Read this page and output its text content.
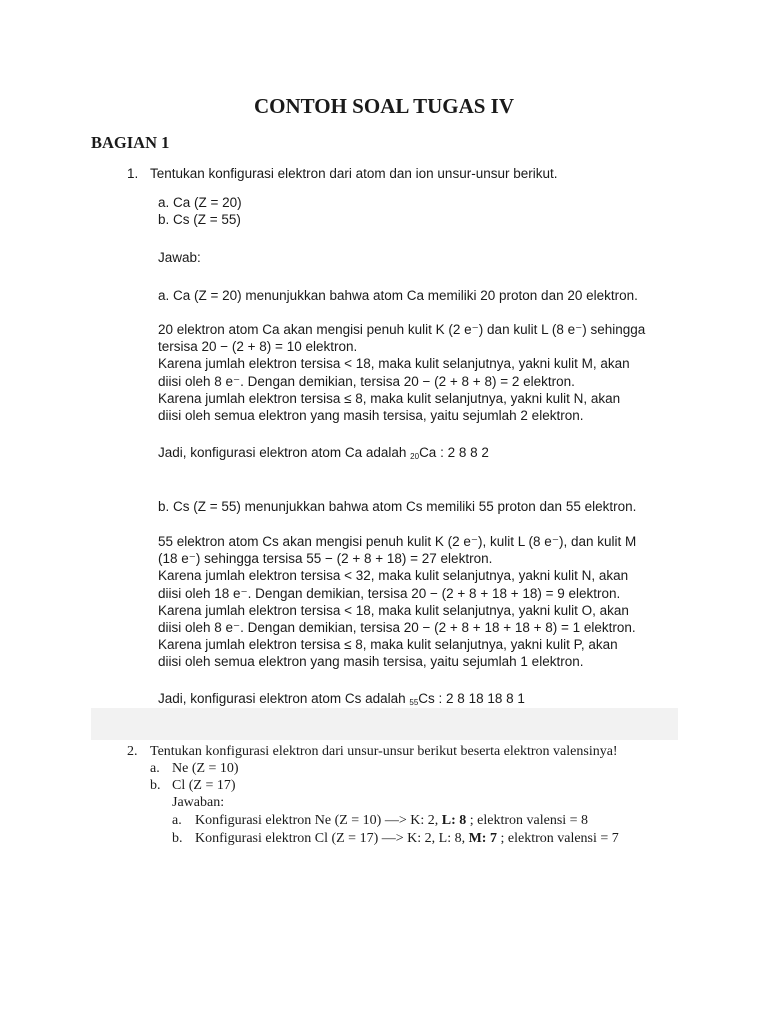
CONTOH SOAL TUGAS IV
BAGIAN 1
1. Tentukan konfigurasi elektron dari atom dan ion unsur-unsur berikut.
a. Ca (Z = 20)
b. Cs (Z = 55)
Jawab:
a. Ca (Z = 20) menunjukkan bahwa atom Ca memiliki 20 proton dan 20 elektron.
20 elektron atom Ca akan mengisi penuh kulit K (2 e⁻) dan kulit L (8 e⁻) sehingga
tersisa 20 − (2 + 8) = 10 elektron.
Karena jumlah elektron tersisa < 18, maka kulit selanjutnya, yakni kulit M, akan
diisi oleh 8 e⁻. Dengan demikian, tersisa 20 − (2 + 8 + 8) = 2 elektron.
Karena jumlah elektron tersisa ≤ 8, maka kulit selanjutnya, yakni kulit N, akan
diisi oleh semua elektron yang masih tersisa, yaitu sejumlah 2 elektron.
Jadi, konfigurasi elektron atom Ca adalah $_{20}$Ca : 2 8 8 2
b. Cs (Z = 55) menunjukkan bahwa atom Cs memiliki 55 proton dan 55 elektron.
55 elektron atom Cs akan mengisi penuh kulit K (2 e⁻), kulit L (8 e⁻), dan kulit M
(18 e⁻) sehingga tersisa 55 − (2 + 8 + 18) = 27 elektron.
Karena jumlah elektron tersisa < 32, maka kulit selanjutnya, yakni kulit N, akan
diisi oleh 18 e⁻. Dengan demikian, tersisa 20 − (2 + 8 + 18 + 18) = 9 elektron.
Karena jumlah elektron tersisa < 18, maka kulit selanjutnya, yakni kulit O, akan
diisi oleh 8 e⁻. Dengan demikian, tersisa 20 − (2 + 8 + 18 + 18 + 8) = 1 elektron.
Karena jumlah elektron tersisa ≤ 8, maka kulit selanjutnya, yakni kulit P, akan
diisi oleh semua elektron yang masih tersisa, yaitu sejumlah 1 elektron.
Jadi, konfigurasi elektron atom Cs adalah $_{55}$Cs : 2 8 18 18 8 1
2. Tentukan konfigurasi elektron dari unsur-unsur berikut beserta elektron valensinya!
a. Ne (Z = 10)
b. Cl (Z = 17)
Jawaban:
a. Konfigurasi elektron Ne (Z = 10) —> K: 2, L: 8 ; elektron valensi = 8
b. Konfigurasi elektron Cl (Z = 17) —> K: 2, L: 8, M: 7 ; elektron valensi = 7
